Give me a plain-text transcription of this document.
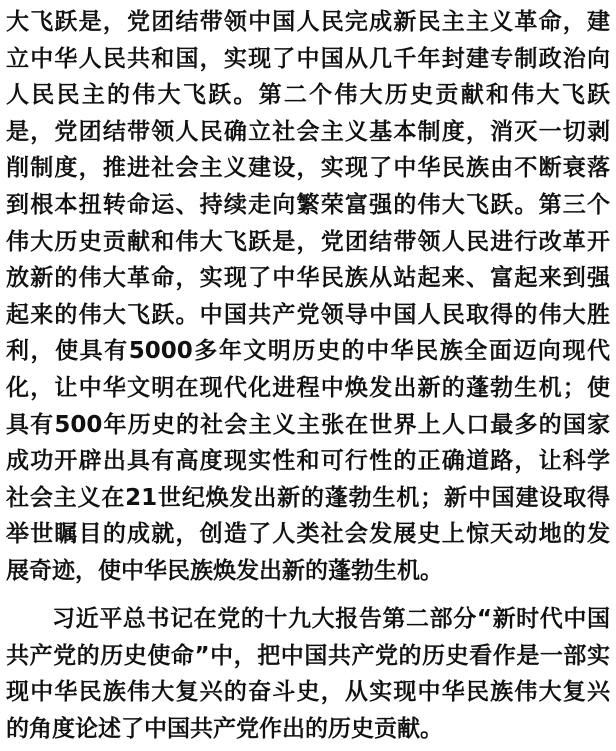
大飞跃是，党团结带领中国人民完成新民主主义革命，建
立中华人民共和国，实现了中国从几千年封建专制政治向
人民民主的伟大飞跃。第二个伟大历史贡献和伟大飞跃
是，党团结带领人民确立社会主义基本制度，消灭一切剥
削制度，推进社会主义建设，实现了中华民族由不断衰落
到根本扭转命运、持续走向繁荣富强的伟大飞跃。第三个
伟大历史贡献和伟大飞跃是，党团结带领人民进行改革开
放新的伟大革命，实现了中华民族从站起来、富起来到强
起来的伟大飞跃。中国共产党领导中国人民取得的伟大胜
利，使具有5000多年文明历史的中华民族全面迈向现代
化，让中华文明在现代化进程中焕发出新的蓬勃生机；使
具有500年历史的社会主义主张在世界上人口最多的国家
成功开辟出具有高度现实性和可行性的正确道路，让科学
社会主义在21世纪焕发出新的蓬勃生机；新中国建设取得
举世瞩目的成就，创造了人类社会发展史上惊天动地的发
展奇迹，使中华民族焕发出新的蓬勃生机。
习近平总书记在党的十九大报告第二部分“新时代中国
共产党的历史使命”中，把中国共产党的历史看作是一部实
现中华民族伟大复兴的奋斗史，从实现中华民族伟大复兴
的角度论述了中国共产党作出的历史贡献。
